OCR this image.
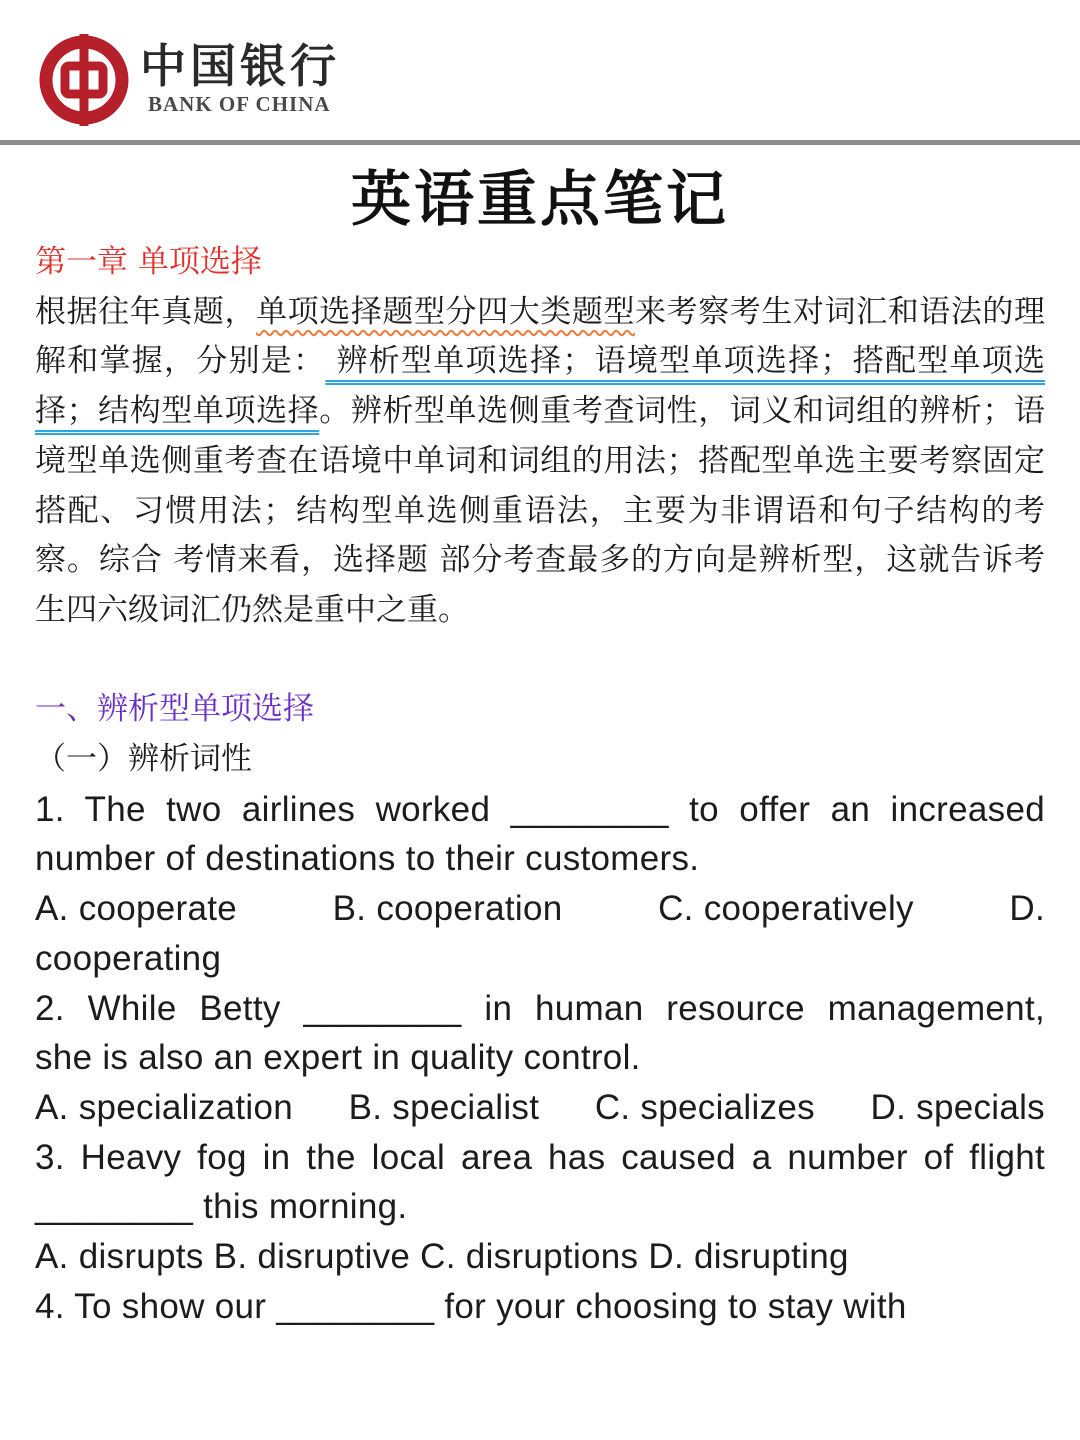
中国银行
BANK OF CHINA
英语重点笔记

第一章 单项选择

根据往年真题，单项选择题型分四大类题型来考察考生对词汇和语法的理解和掌握，分别是： 辨析型单项选择；语境型单项选择；搭配型单项选择；结构型单项选择。辨析型单选侧重考查词性，词义和词组的辨析；语境型单选侧重考查在语境中单词和词组的用法；搭配型单选主要考察固定搭配、习惯用法；结构型单选侧重语法，主要为非谓语和句子结构的考察。综合 考情来看，选择题 部分考查最多的方向是辨析型，这就告诉考生四六级词汇仍然是重中之重。

一、辨析型单项选择

（一）辨析词性

1. The two airlines worked ________ to offer an increased

number of destinations to their customers.

A. cooperate	B. cooperation	C. cooperatively	D.

cooperating

2. While Betty ________ in human resource management,

she is also an expert in quality control.

A. specialization B. specialist C. specializes D. specials

3. Heavy fog in the local area has caused a number of flight

________ this morning.

A. disrupts B. disruptive C. disruptions D. disrupting

4. To show our ________ for your choosing to stay with
